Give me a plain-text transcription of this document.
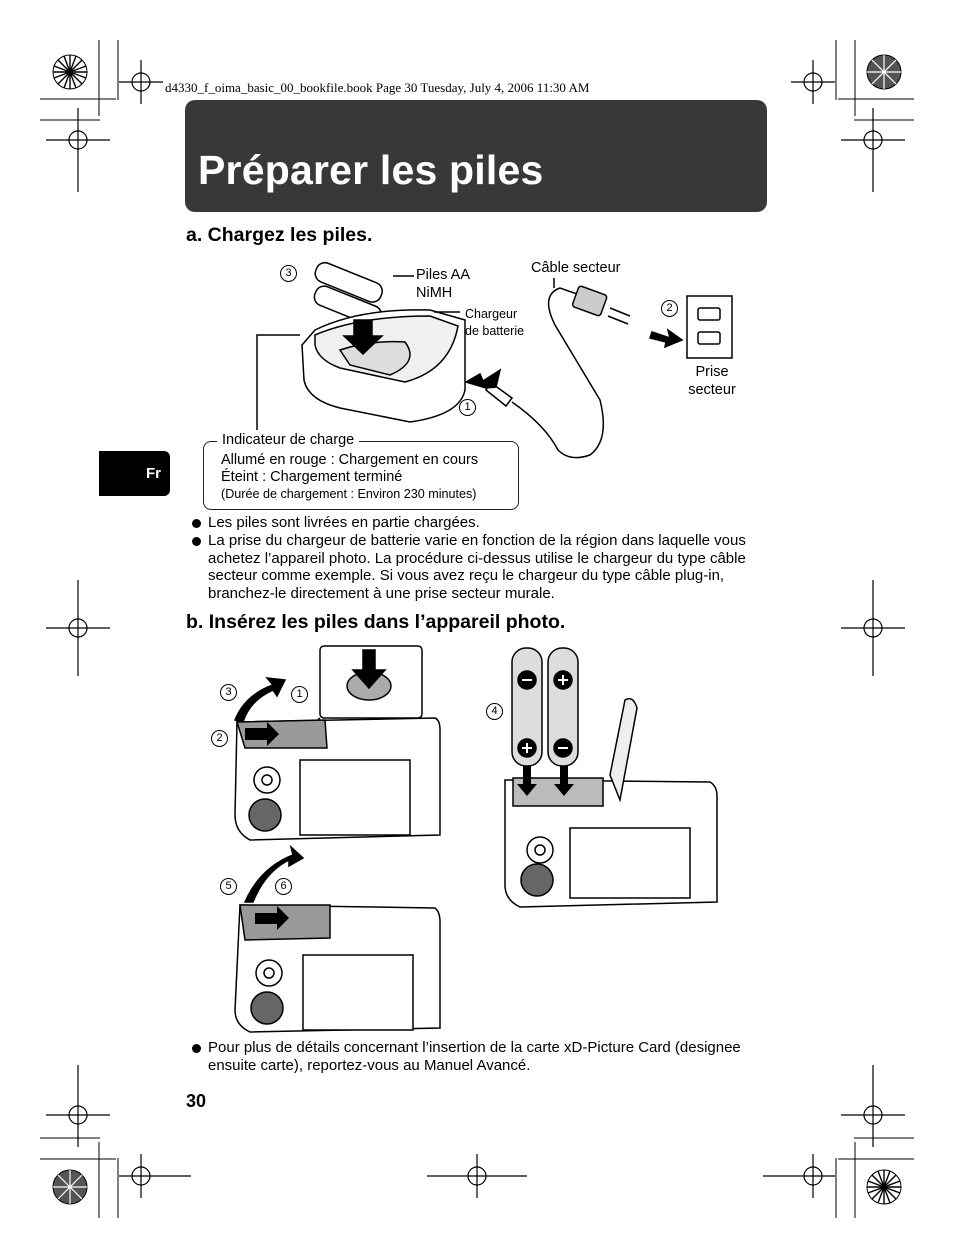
d4330_f_oima_basic_00_bookfile.book Page 30 Tuesday, July 4, 2006 11:30 AM
Préparer les piles
Fr
a. Chargez les piles.
3
2
1
Piles AA
NiMH
Chargeur
de batterie
Câble secteur
Prise
secteur
Indicateur de charge
Allumé en rouge : Chargement en cours
Éteint : Chargement terminé
(Durée de chargement : Environ 230 minutes)
Les piles sont livrées en partie chargées.
La prise du chargeur de batterie varie en fonction de la région dans laquelle vous achetez l’appareil photo. La procédure ci-dessus utilise le chargeur du type câble secteur comme exemple. Si vous avez reçu le chargeur du type câble plug-in, branchez-le directement à une prise secteur murale.
b. Insérez les piles dans l’appareil photo.
3	1
2
4
5	6
Pour plus de détails concernant l’insertion de la carte xD-Picture Card (designee ensuite carte), reportez-vous au Manuel Avancé.
30
